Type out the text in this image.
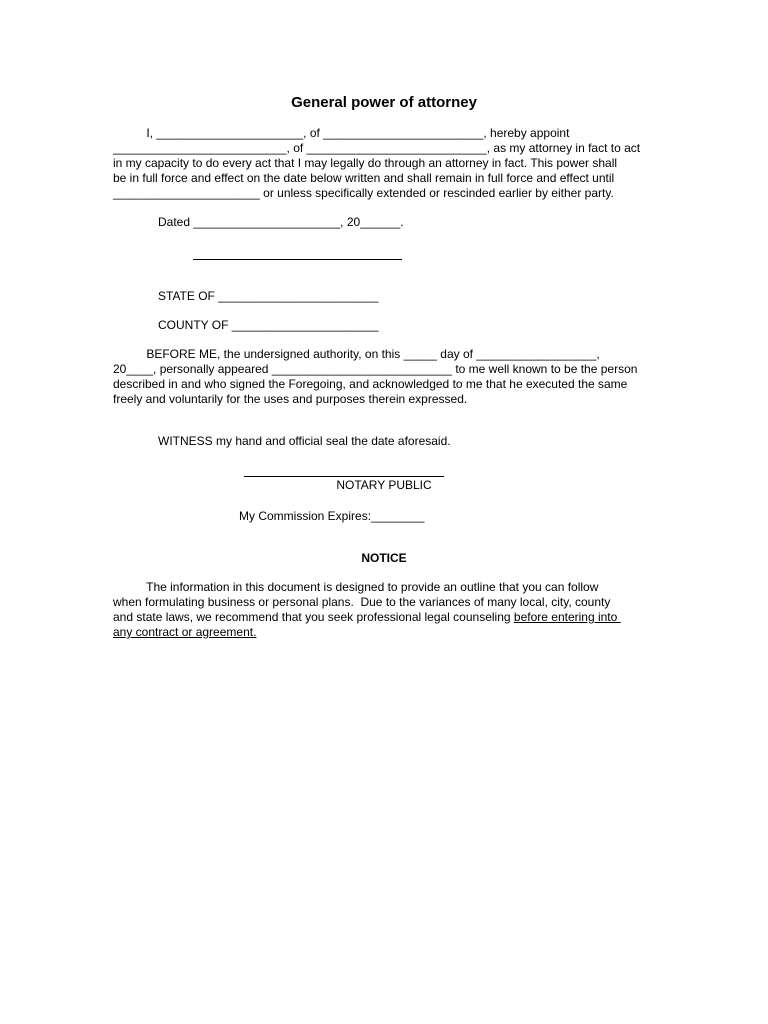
General power of attorney
I, ______________________, of ________________________, hereby appoint
__________________________, of ___________________________, as my attorney in fact to act
in my capacity to do every act that I may legally do through an attorney in fact. This power shall
be in full force and effect on the date below written and shall remain in full force and effect until
______________________ or unless specifically extended or rescinded earlier by either party.
Dated ______________________, 20______.
STATE OF ________________________
COUNTY OF ______________________
BEFORE ME, the undersigned authority, on this _____ day of __________________,
20____, personally appeared ___________________________ to me well known to be the person
described in and who signed the Foregoing, and acknowledged to me that he executed the same
freely and voluntarily for the uses and purposes therein expressed.
WITNESS my hand and official seal the date aforesaid.
NOTARY PUBLIC
My Commission Expires:________
NOTICE
The information in this document is designed to provide an outline that you can follow
when formulating business or personal plans.  Due to the variances of many local, city, county
and state laws, we recommend that you seek professional legal counseling before entering into
any contract or agreement.
